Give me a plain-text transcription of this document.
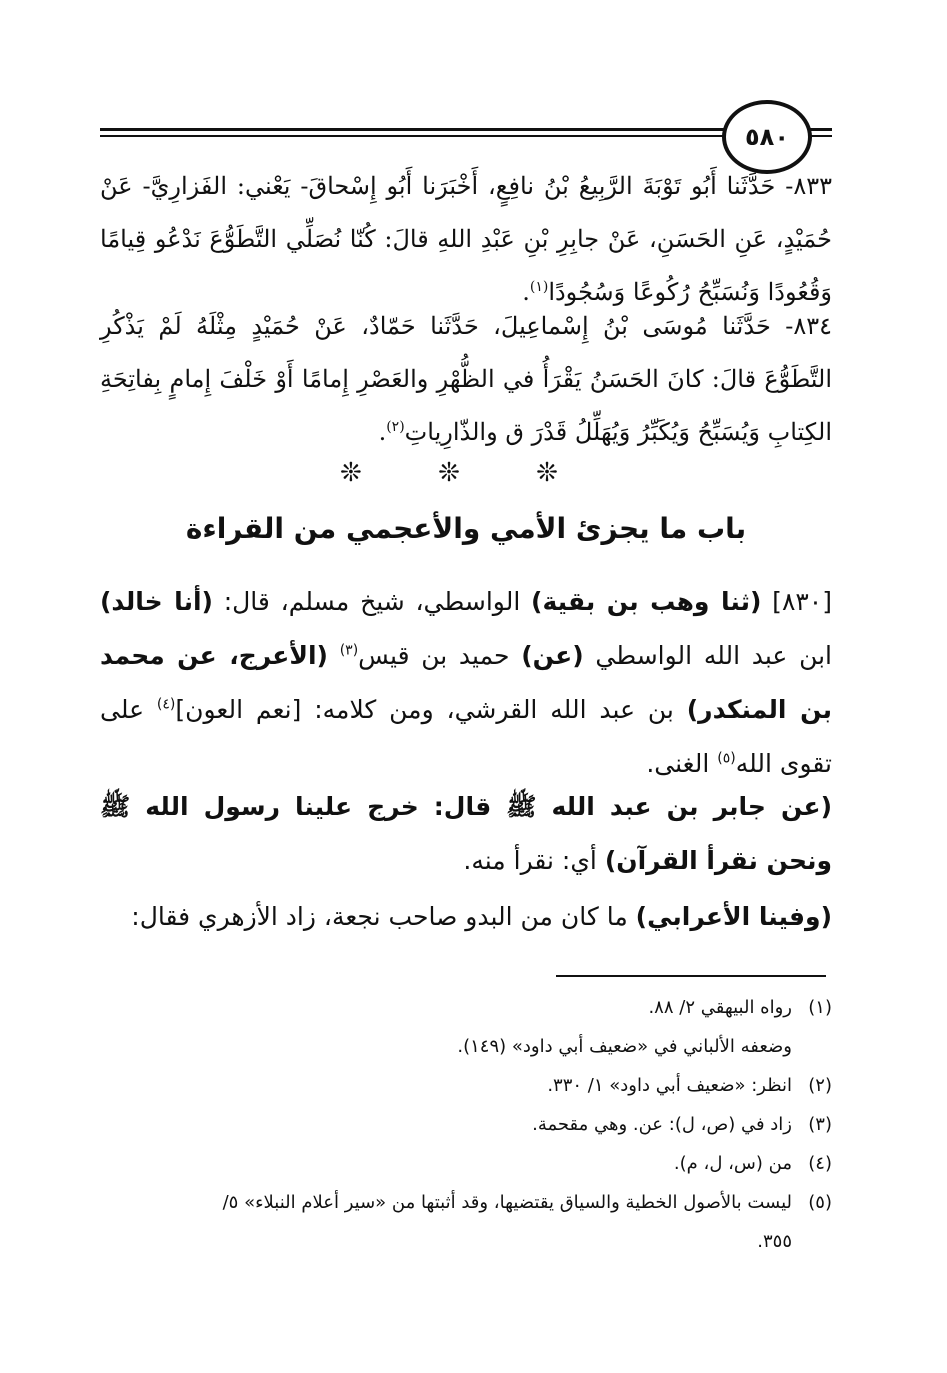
٥٨٠
٨٣٣- حَدَّثَنا أَبُو تَوْبَةَ الرَّبِيعُ بْنُ نافِعٍ، أَخْبَرَنا أَبُو إِسْحاقَ- يَعْني: الفَزارِيَّ- عَنْ حُمَيْدٍ، عَنِ الحَسَنِ، عَنْ جابِرِ بْنِ عَبْدِ اللهِ قالَ: كُنّا نُصَلِّي التَّطَوُّعَ نَدْعُو قِيامًا وَقُعُودًا وَنُسَبِّحُ رُكُوعًا وَسُجُودًا$^{(١)}$.
٨٣٤- حَدَّثَنا مُوسَى بْنُ إِسْماعِيلَ، حَدَّثَنا حَمّادٌ، عَنْ حُمَيْدٍ مِثْلَهُ لَمْ يَذْكُرِ التَّطَوُّعَ قالَ: كانَ الحَسَنُ يَقْرَأُ في الظُّهْرِ والعَصْرِ إِمامًا أَوْ خَلْفَ إِمامٍ بِفاتِحَةِ الكِتابِ وَيُسَبِّحُ وَيُكَبِّرُ وَيُهَلِّلُ قَدْرَ ق والذّارِياتِ$^{(٢)}$.
❊ ❊ ❊
باب ما يجزئ الأمي والأعجمي من القراءة
[٨٣٠] (ثنا وهب بن بقية) الواسطي، شيخ مسلم، قال: (أنا خالد) ابن عبد الله الواسطي (عن) حميد بن قيس$^{(٣)}$ (الأعرج، عن محمد بن المنكدر) بن عبد الله القرشي، ومن كلامه: [نعم العون]$^{(٤)}$ على تقوى الله$^{(٥)}$ الغنى.
(عن جابر بن عبد الله ﷺ قال: خرج علينا رسول الله ﷺ ونحن نقرأ القرآن) أي: نقرأ منه.
(وفينا الأعرابي) ما كان من البدو صاحب نجعة، زاد الأزهري فقال:
(١)رواه البيهقي ٢/ ٨٨.
وضعفه الألباني في «ضعيف أبي داود» (١٤٩).
(٢)انظر: «ضعيف أبي داود» ١/ ٣٣٠.
(٣)زاد في (ص، ل): عن. وهي مقحمة.
(٤)من (س، ل، م).
(٥)ليست بالأصول الخطية والسياق يقتضيها، وقد أثبتها من «سير أعلام النبلاء» ٥/
٣٥٥.
